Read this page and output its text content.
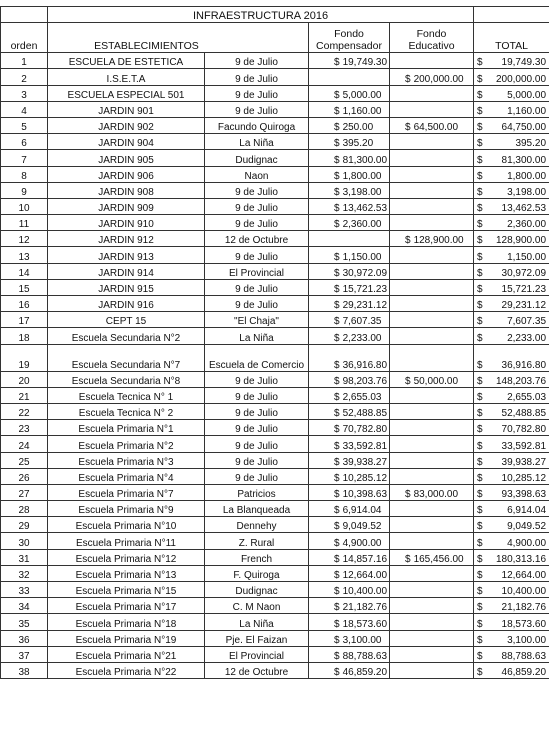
	INFRAESTRUCTURA 2016				
orden	ESTABLECIMIENTOS		Fondo Compensador	Fondo Educativo	TOTAL
1	ESCUELA DE ESTETICA	9 de Julio	$ 19,749.30		$ 19,749.30

2	I.S.E.T.A	9 de Julio		$ 200,000.00	$ 200,000.00

3	ESCUELA ESPECIAL 501	9 de Julio	$ 5,000.00		$ 5,000.00

4	JARDIN 901	9 de Julio	$ 1,160.00		$ 1,160.00

5	JARDIN 902	Facundo Quiroga	$ 250.00	$ 64,500.00	$ 64,750.00

6	JARDIN 904	La Niña	$ 395.20		$ 395.20

7	JARDIN 905	Dudignac	$ 81,300.00		$ 81,300.00

8	JARDIN 906	Naon	$ 1,800.00		$ 1,800.00

9	JARDIN 908	9 de Julio	$ 3,198.00		$ 3,198.00

10	JARDIN 909	9 de Julio	$ 13,462.53		$ 13,462.53

11	JARDIN 910	9 de Julio	$ 2,360.00		$ 2,360.00

12	JARDIN 912	12 de Octubre		$ 128,900.00	$ 128,900.00

13	JARDIN 913	9 de Julio	$ 1,150.00		$ 1,150.00

14	JARDIN 914	El Provincial	$ 30,972.09		$ 30,972.09

15	JARDIN 915	9 de Julio	$ 15,721.23		$ 15,721.23

16	JARDIN 916	9 de Julio	$ 29,231.12		$ 29,231.12

17	CEPT 15	"El Chaja"	$ 7,607.35		$ 7,607.35

18	Escuela Secundaria N°2	La Niña	$ 2,233.00		$ 2,233.00

19	Escuela Secundaria N°7	Escuela de Comercio	$ 36,916.80		$ 36,916.80

20	Escuela Secundaria N°8	9 de Julio	$ 98,203.76	$ 50,000.00	$ 148,203.76

21	Escuela Tecnica N° 1	9 de Julio	$ 2,655.03		$ 2,655.03

22	Escuela Tecnica N° 2	9 de Julio	$ 52,488.85		$ 52,488.85

23	Escuela Primaria N°1	9 de Julio	$ 70,782.80		$ 70,782.80

24	Escuela Primaria N°2	9 de Julio	$ 33,592.81		$ 33,592.81

25	Escuela Primaria N°3	9 de Julio	$ 39,938.27		$ 39,938.27

26	Escuela Primaria N°4	9 de Julio	$ 10,285.12		$ 10,285.12

27	Escuela Primaria N°7	Patricios	$ 10,398.63	$ 83,000.00	$ 93,398.63

28	Escuela Primaria N°9	La Blanqueada	$ 6,914.04		$ 6,914.04

29	Escuela Primaria N°10	Dennehy	$ 9,049.52		$ 9,049.52

30	Escuela Primaria N°11	Z. Rural	$ 4,900.00		$ 4,900.00

31	Escuela Primaria N°12	French	$ 14,857.16	$ 165,456.00	$ 180,313.16

32	Escuela Primaria N°13	F. Quiroga	$ 12,664.00		$ 12,664.00

33	Escuela Primaria N°15	Dudignac	$ 10,400.00		$ 10,400.00

34	Escuela Primaria N°17	C. M Naon	$ 21,182.76		$ 21,182.76

35	Escuela Primaria N°18	La Niña	$ 18,573.60		$ 18,573.60

36	Escuela Primaria N°19	Pje. El Faizan	$ 3,100.00		$ 3,100.00

37	Escuela Primaria N°21	El Provincial	$ 88,788.63		$ 88,788.63

38	Escuela Primaria N°22	12 de Octubre	$ 46,859.20		$ 46,859.20
